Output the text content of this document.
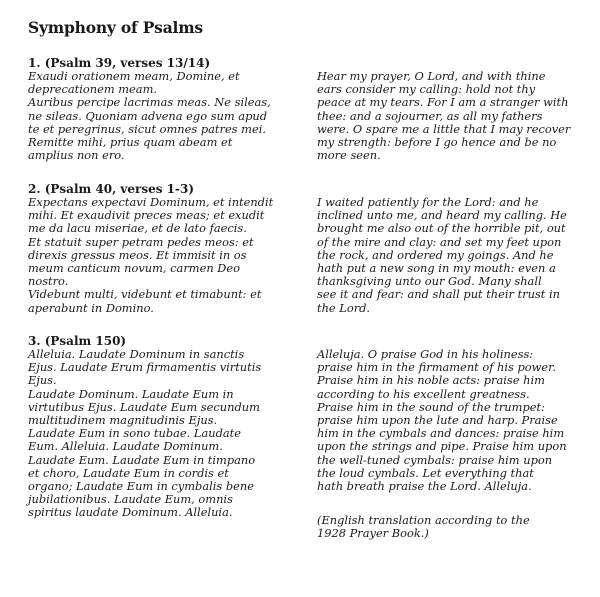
Symphony of Psalms
1. (Psalm 39, verses 13/14)
Exaudi orationem meam, Domine, et
deprecationem meam.
Auribus percipe lacrimas meas. Ne sileas,
ne sileas. Quoniam advena ego sum apud
te et peregrinus, sicut omnes patres mei.
Remitte mihi, prius quam abeam et
amplius non ero.
Hear my prayer, O Lord, and with thine
ears consider my calling: hold not thy
peace at my tears. For I am a stranger with
thee: and a sojourner, as all my fathers
were. O spare me a little that I may recover
my strength: before I go hence and be no
more seen.
2. (Psalm 40, verses 1-3)
Expectans expectavi Dominum, et intendit
mihi. Et exaudivit preces meas; et exudit
me da lacu miseriae, et de lato faecis.
Et statuit super petram pedes meos: et
direxis gressus meos. Et immisit in os
meum canticum novum, carmen Deo
nostro.
Videbunt multi, videbunt et timabunt: et
aperabunt in Domino.
I waited patiently for the Lord: and he
inclined unto me, and heard my calling. He
brought me also out of the horrible pit, out
of the mire and clay: and set my feet upon
the rock, and ordered my goings. And he
hath put a new song in my mouth: even a
thanksgiving unto our God. Many shall
see it and fear: and shall put their trust in
the Lord.
3. (Psalm 150)
Alleluia. Laudate Dominum in sanctis
Ejus. Laudate Erum firmamentis virtutis
Ejus.
Laudate Dominum. Laudate Eum in
virtutibus Ejus. Laudate Eum secundum
multitudinem magnitudinis Ejus.
Laudate Eum in sono tubae. Laudate
Eum. Alleluia. Laudate Dominum.
Laudate Eum. Laudate Eum in timpano
et choro, Laudate Eum in cordis et
organo; Laudate Eum in cymbalis bene
jubilationibus. Laudate Eum, omnis
spiritus laudate Dominum. Alleluia.
Alleluja. O praise God in his holiness:
praise him in the firmament of his power.
Praise him in his noble acts: praise him
according to his excellent greatness.
Praise him in the sound of the trumpet:
praise him upon the lute and harp. Praise
him in the cymbals and dances: praise him
upon the strings and pipe. Praise him upon
the well-tuned cymbals: praise him upon
the loud cymbals. Let everything that
hath breath praise the Lord. Alleluja.
(English translation according to the
1928 Prayer Book.)
